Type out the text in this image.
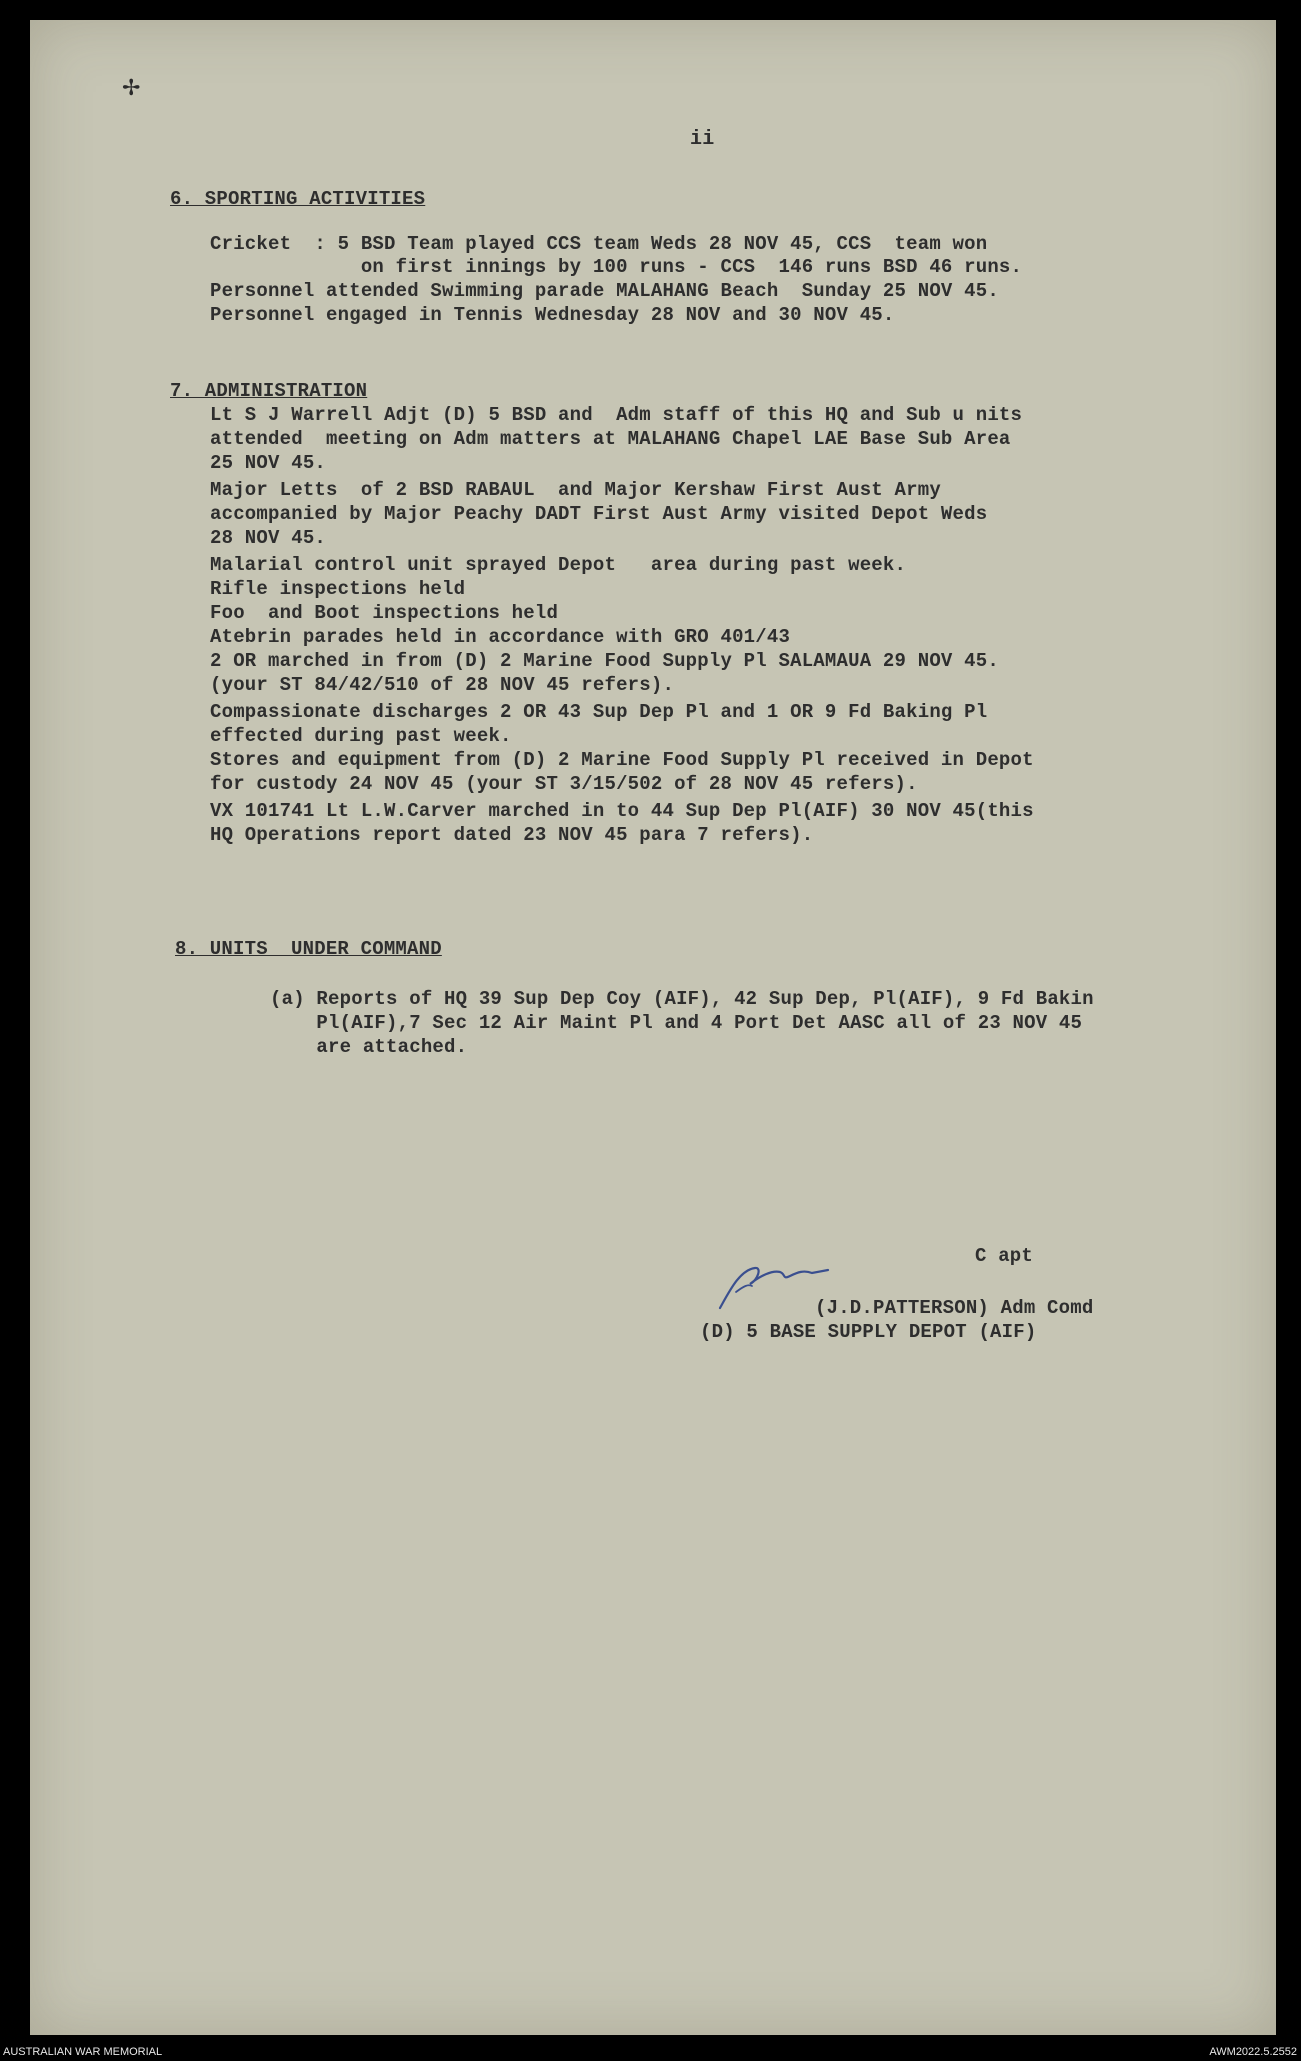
✢
ii
6. SPORTING ACTIVITIES
Cricket  : 5 BSD Team played CCS team Weds 28 NOV 45, CCS  team won
on first innings by 100 runs - CCS  146 runs BSD 46 runs.
Personnel attended Swimming parade MALAHANG Beach  Sunday 25 NOV 45.
Personnel engaged in Tennis Wednesday 28 NOV and 30 NOV 45.
7. ADMINISTRATION
Lt S J Warrell Adjt (D) 5 BSD and  Adm staff of this HQ and Sub u nits
attended  meeting on Adm matters at MALAHANG Chapel LAE Base Sub Area
25 NOV 45.
Major Letts  of 2 BSD RABAUL  and Major Kershaw First Aust Army
accompanied by Major Peachy DADT First Aust Army visited Depot Weds
28 NOV 45.
Malarial control unit sprayed Depot   area during past week.
Rifle inspections held
Foo  and Boot inspections held
Atebrin parades held in accordance with GRO 401/43
2 OR marched in from (D) 2 Marine Food Supply Pl SALAMAUA 29 NOV 45.
(your ST 84/42/510 of 28 NOV 45 refers).
Compassionate discharges 2 OR 43 Sup Dep Pl and 1 OR 9 Fd Baking Pl
effected during past week.
Stores and equipment from (D) 2 Marine Food Supply Pl received in Depot
for custody 24 NOV 45 (your ST 3/15/502 of 28 NOV 45 refers).
VX 101741 Lt L.W.Carver marched in to 44 Sup Dep Pl(AIF) 30 NOV 45(this
HQ Operations report dated 23 NOV 45 para 7 refers).
8. UNITS  UNDER COMMAND
(a) Reports of HQ 39 Sup Dep Coy (AIF), 42 Sup Dep, Pl(AIF), 9 Fd Bakin
Pl(AIF),7 Sec 12 Air Maint Pl and 4 Port Det AASC all of 23 NOV 45
are attached.
C apt
(J.D.PATTERSON) Adm Comd
(D) 5 BASE SUPPLY DEPOT (AIF)
AUSTRALIAN WAR MEMORIAL	AWM2022.5.2552
